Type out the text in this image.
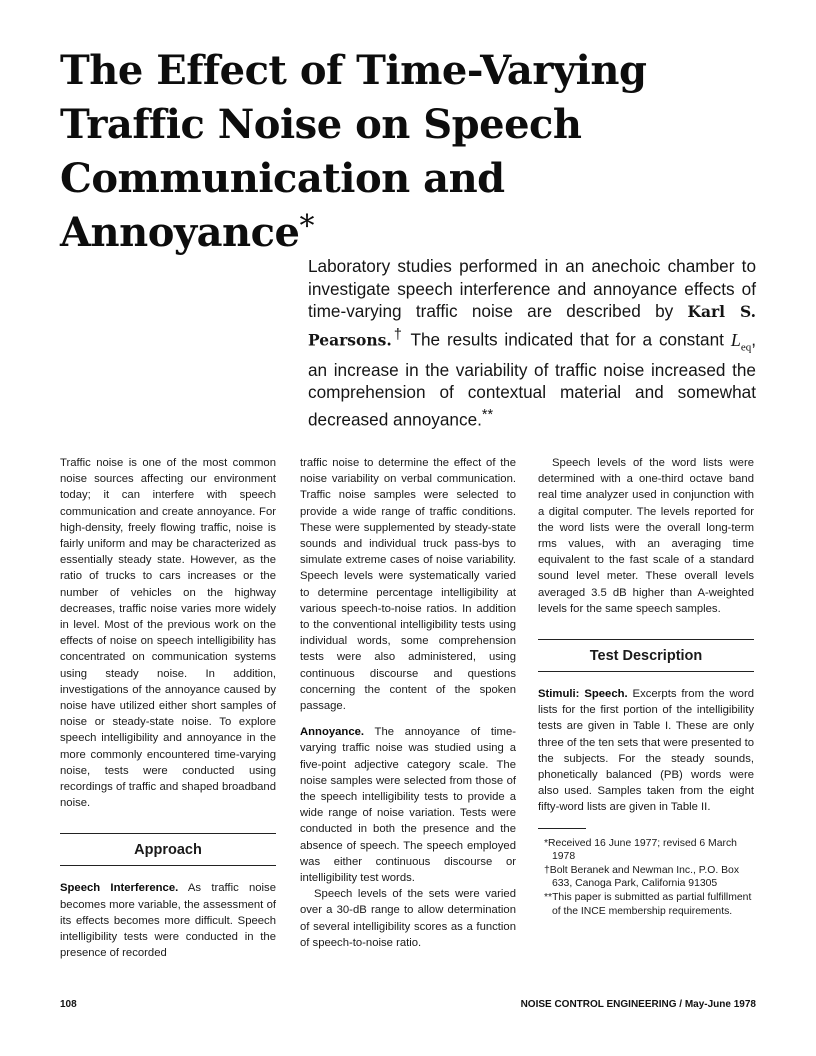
The Effect of Time-Varying Traffic Noise on Speech Communication and Annoyance*
Laboratory studies performed in an anechoic chamber to investigate speech interference and annoyance effects of time-varying traffic noise are described by Karl S. Pearsons.† The results indicated that for a constant $L_{eq}$, an increase in the variability of traffic noise increased the comprehension of contextual material and somewhat decreased annoyance.**

Traffic noise is one of the most common noise sources affecting our environment today; it can interfere with speech communication and create annoyance. For high-density, freely flowing traffic, noise is fairly uniform and may be characterized as essentially steady state. However, as the ratio of trucks to cars increases or the number of vehicles on the highway decreases, traffic noise varies more widely in level. Most of the previous work on the effects of noise on speech intelligibility has concentrated on communication systems using steady noise. In addition, investigations of the annoyance caused by noise have utilized either short samples of noise or steady-state noise. To explore speech intelligibility and annoyance in the more commonly encountered time-varying noise, tests were conducted using recordings of traffic and shaped broadband noise.

Approach

Speech Interference. As traffic noise becomes more variable, the assessment of its effects becomes more difficult. Speech intelligibility tests were conducted in the presence of recorded

traffic noise to determine the effect of the noise variability on verbal communication. Traffic noise samples were selected to provide a wide range of traffic conditions. These were supplemented by steady-state sounds and individual truck pass-bys to simulate extreme cases of noise variability. Speech levels were systematically varied to determine percentage intelligibility at various speech-to-noise ratios. In addition to the conventional intelligibility tests using individual words, some comprehension tests were also administered, using continuous discourse and questions concerning the content of the spoken passage.

Annoyance. The annoyance of time-varying traffic noise was studied using a five-point adjective category scale. The noise samples were selected from those of the speech intelligibility tests to provide a wide range of noise variation. Tests were conducted in both the presence and the absence of speech. The speech employed was either continuous discourse or intelligibility test words.

Speech levels of the sets were varied over a 30-dB range to allow determination of several intelligibility scores as a function of speech-to-noise ratio.

Speech levels of the word lists were determined with a one-third octave band real time analyzer used in conjunction with a digital computer. The levels reported for the word lists were the overall long-term rms values, with an averaging time equivalent to the fast scale of a standard sound level meter. These overall levels averaged 3.5 dB higher than A-weighted levels for the same speech samples.

Test Description

Stimuli: Speech. Excerpts from the word lists for the first portion of the intelligibility tests are given in Table I. These are only three of the ten sets that were presented to the subjects. For the steady sounds, phonetically balanced (PB) words were also used. Samples taken from the eight fifty-word lists are given in Table II.

*Received 16 June 1977; revised 6 March 1978

†Bolt Beranek and Newman Inc., P.O. Box 633, Canoga Park, California 91305

**This paper is submitted as partial fulfillment of the INCE membership requirements.

108	NOISE CONTROL ENGINEERING / May-June 1978
